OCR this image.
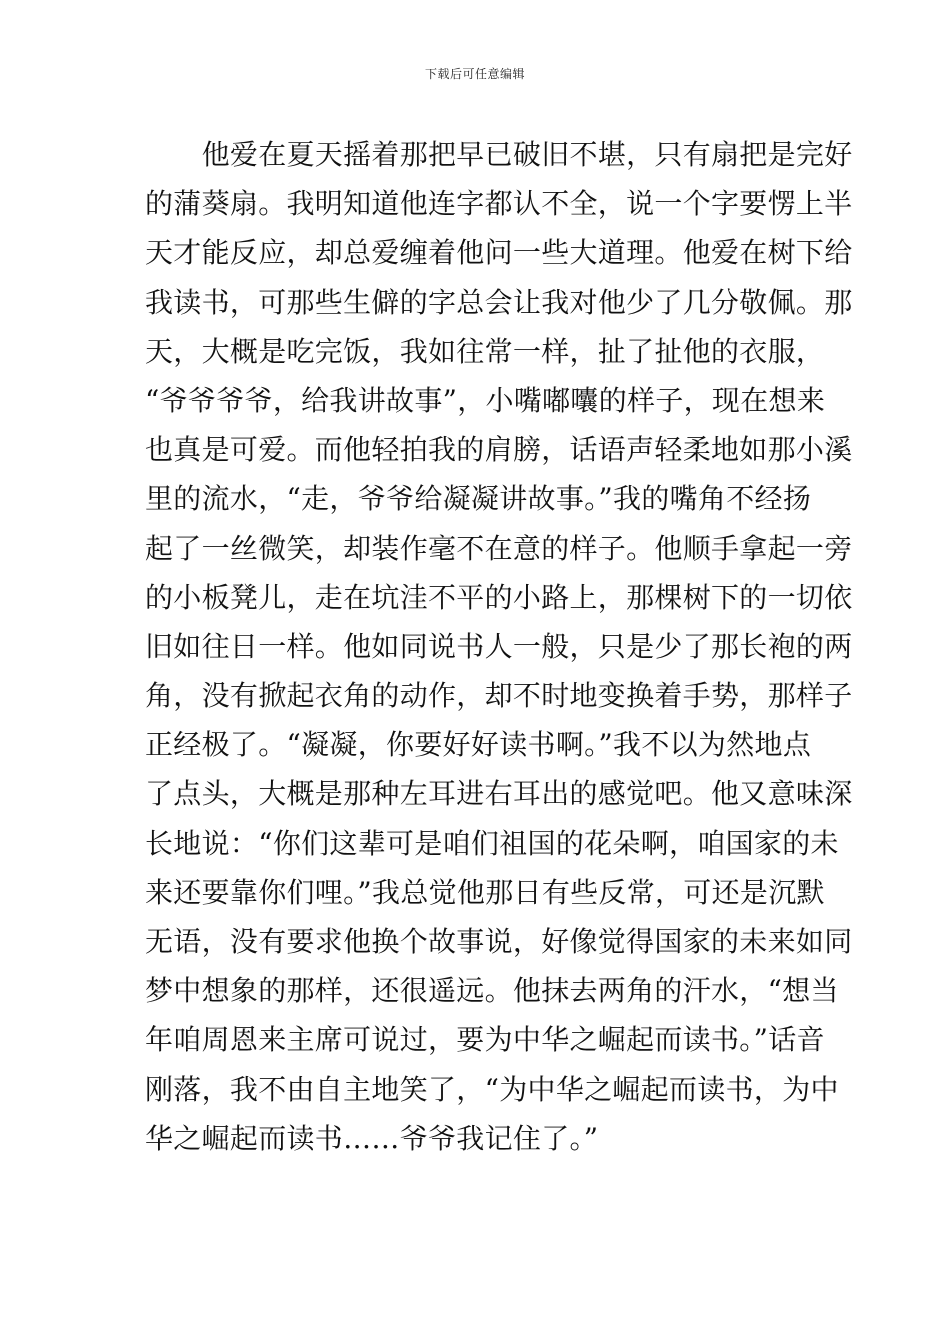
下载后可任意编辑
　　他爱在夏天摇着那把早已破旧不堪，只有扇把是完好
的蒲葵扇。我明知道他连字都认不全，说一个字要愣上半
天才能反应，却总爱缠着他问一些大道理。他爱在树下给
我读书，可那些生僻的字总会让我对他少了几分敬佩。那
天，大概是吃完饭，我如往常一样，扯了扯他的衣服，
“爷爷爷爷，给我讲故事”，小嘴嘟囔的样子，现在想来
也真是可爱。而他轻拍我的肩膀，话语声轻柔地如那小溪
里的流水，“走，爷爷给凝凝讲故事。”我的嘴角不经扬
起了一丝微笑，却装作毫不在意的样子。他顺手拿起一旁
的小板凳儿，走在坑洼不平的小路上，那棵树下的一切依
旧如往日一样。他如同说书人一般，只是少了那长袍的两
角，没有掀起衣角的动作，却不时地变换着手势，那样子
正经极了。“凝凝，你要好好读书啊。”我不以为然地点
了点头，大概是那种左耳进右耳出的感觉吧。他又意味深
长地说：“你们这辈可是咱们祖国的花朵啊，咱国家的未
来还要靠你们哩。”我总觉他那日有些反常，可还是沉默
无语，没有要求他换个故事说，好像觉得国家的未来如同
梦中想象的那样，还很遥远。他抹去两角的汗水，“想当
年咱周恩来主席可说过，要为中华之崛起而读书。”话音
刚落，我不由自主地笑了，“为中华之崛起而读书，为中
华之崛起而读书……爷爷我记住了。”
